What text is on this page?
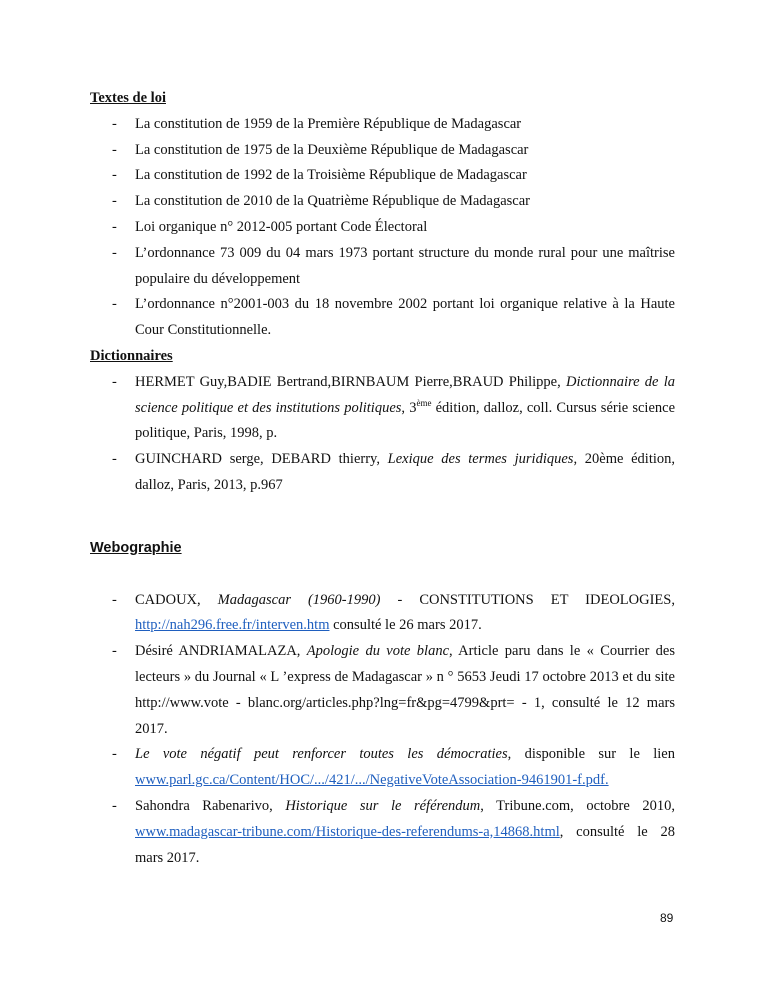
Textes de loi

- La constitution de 1959 de la Première République de Madagascar
- La constitution de 1975 de la Deuxième République de Madagascar
- La constitution de 1992 de la Troisième République de Madagascar
- La constitution de 2010 de la Quatrième République de Madagascar
- Loi organique n° 2012-005 portant Code Électoral
- L’ordonnance 73 009 du 04 mars 1973 portant structure du monde rural pour une maîtrise populaire du développement
- L’ordonnance n°2001-003 du 18 novembre 2002 portant loi organique relative à la Haute Cour Constitutionnelle.

Dictionnaires

- HERMET Guy,BADIE Bertrand,BIRNBAUM Pierre,BRAUD Philippe, Dictionnaire de la science politique et des institutions politiques, 3ème édition, dalloz, coll. Cursus série science politique, Paris, 1998, p.
- GUINCHARD serge, DEBARD thierry, Lexique des termes juridiques, 20ème édition, dalloz, Paris, 2013, p.967

Webographie

- CADOUX, Madagascar (1960-1990) - CONSTITUTIONS ET IDEOLOGIES, http://nah296.free.fr/interven.htm consulté le 26 mars 2017.
- Désiré ANDRIAMALAZA, Apologie du vote blanc, Article paru dans le « Courrier des lecteurs » du Journal « L ’express de Madagascar » n ° 5653 Jeudi 17 octobre 2013 et du site http://www.vote - blanc.org/articles.php?lng=fr&pg=4799&prt= - 1, consulté le 12 mars 2017.
- Le vote négatif peut renforcer toutes les démocraties, disponible sur le lien www.parl.gc.ca/Content/HOC/.../421/.../NegativeVoteAssociation-9461901-f.pdf.
- Sahondra Rabenarivo, Historique sur le référendum, Tribune.com, octobre 2010, www.madagascar-tribune.com/Historique-des-referendums-a,14868.html, consulté le 28 mars 2017.
89
